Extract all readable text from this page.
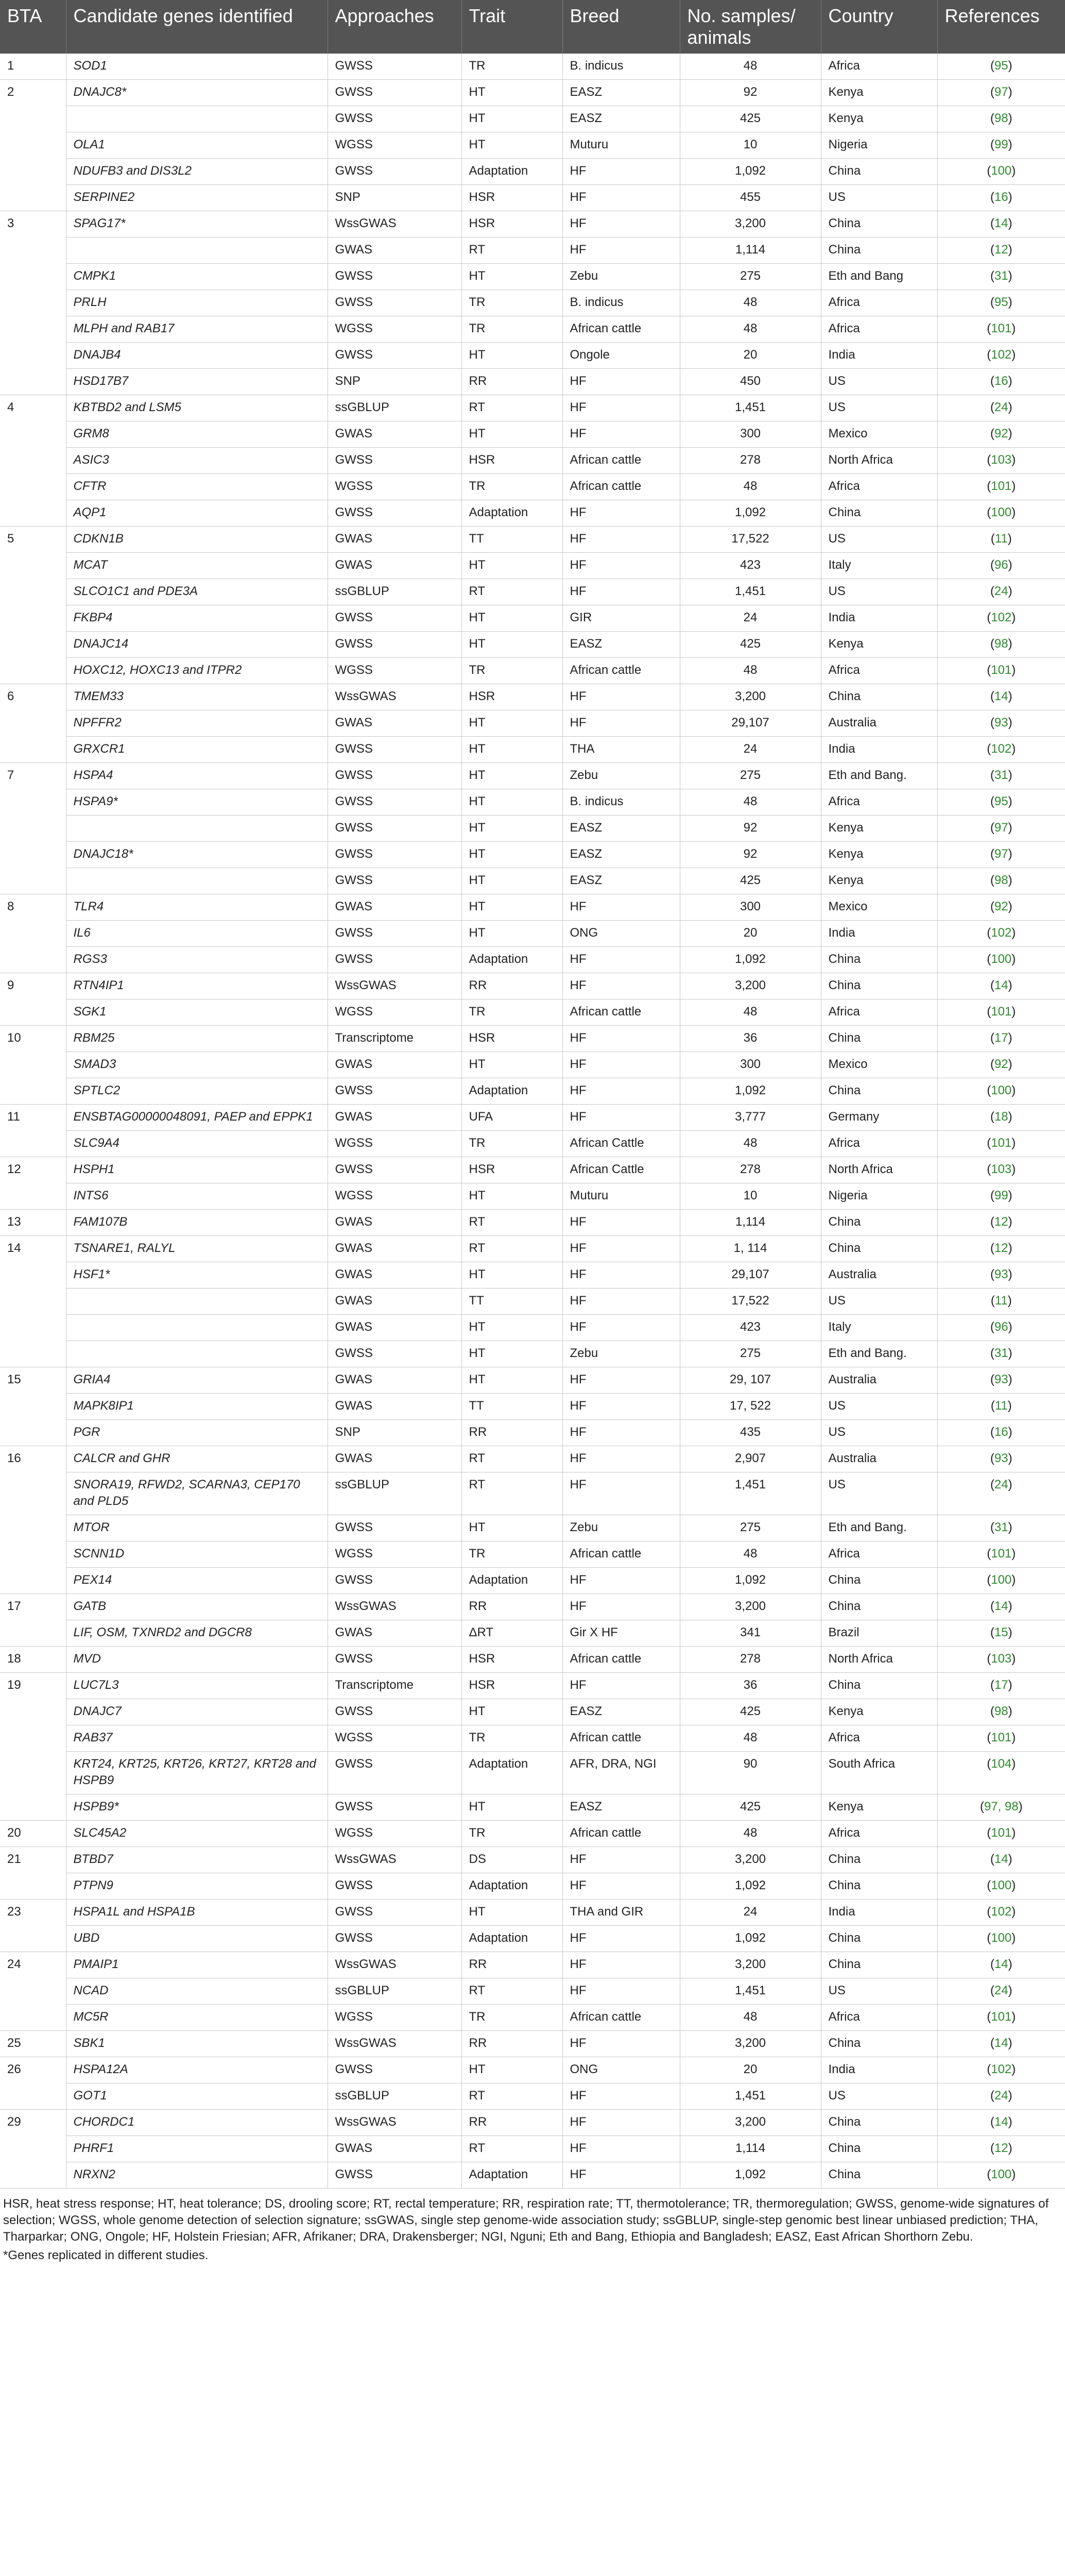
BTA	Candidate genes identified	Approaches	Trait	Breed	No. samples/ animals	Country	References
1	SOD1	GWSS	TR	B. indicus	48	Africa	(95)
2	DNAJC8*	GWSS	HT	EASZ	92	Kenya	(97)
		GWSS	HT	EASZ	425	Kenya	(98)
	OLA1	WGSS	HT	Muturu	10	Nigeria	(99)
	NDUFB3 and DIS3L2	GWSS	Adaptation	HF	1,092	China	(100)
	SERPINE2	SNP	HSR	HF	455	US	(16)
3	SPAG17*	WssGWAS	HSR	HF	3,200	China	(14)
		GWAS	RT	HF	1,114	China	(12)
	CMPK1	GWSS	HT	Zebu	275	Eth and Bang	(31)
	PRLH	GWSS	TR	B. indicus	48	Africa	(95)
	MLPH and RAB17	WGSS	TR	African cattle	48	Africa	(101)
	DNAJB4	GWSS	HT	Ongole	20	India	(102)
	HSD17B7	SNP	RR	HF	450	US	(16)
4	KBTBD2 and LSM5	ssGBLUP	RT	HF	1,451	US	(24)
	GRM8	GWAS	HT	HF	300	Mexico	(92)
	ASIC3	GWSS	HSR	African cattle	278	North Africa	(103)
	CFTR	WGSS	TR	African cattle	48	Africa	(101)
	AQP1	GWSS	Adaptation	HF	1,092	China	(100)
5	CDKN1B	GWAS	TT	HF	17,522	US	(11)
	MCAT	GWAS	HT	HF	423	Italy	(96)
	SLCO1C1 and PDE3A	ssGBLUP	RT	HF	1,451	US	(24)
	FKBP4	GWSS	HT	GIR	24	India	(102)
	DNAJC14	GWSS	HT	EASZ	425	Kenya	(98)
	HOXC12, HOXC13 and ITPR2	WGSS	TR	African cattle	48	Africa	(101)
6	TMEM33	WssGWAS	HSR	HF	3,200	China	(14)
	NPFFR2	GWAS	HT	HF	29,107	Australia	(93)
	GRXCR1	GWSS	HT	THA	24	India	(102)
7	HSPA4	GWSS	HT	Zebu	275	Eth and Bang.	(31)
	HSPA9*	GWSS	HT	B. indicus	48	Africa	(95)
		GWSS	HT	EASZ	92	Kenya	(97)
	DNAJC18*	GWSS	HT	EASZ	92	Kenya	(97)
		GWSS	HT	EASZ	425	Kenya	(98)
8	TLR4	GWAS	HT	HF	300	Mexico	(92)
	IL6	GWSS	HT	ONG	20	India	(102)
	RGS3	GWSS	Adaptation	HF	1,092	China	(100)
9	RTN4IP1	WssGWAS	RR	HF	3,200	China	(14)
	SGK1	WGSS	TR	African cattle	48	Africa	(101)
10	RBM25	Transcriptome	HSR	HF	36	China	(17)
	SMAD3	GWAS	HT	HF	300	Mexico	(92)
	SPTLC2	GWSS	Adaptation	HF	1,092	China	(100)
11	ENSBTAG00000048091, PAEP and EPPK1	GWAS	UFA	HF	3,777	Germany	(18)
	SLC9A4	WGSS	TR	African Cattle	48	Africa	(101)
12	HSPH1	GWSS	HSR	African Cattle	278	North Africa	(103)
	INTS6	WGSS	HT	Muturu	10	Nigeria	(99)
13	FAM107B	GWAS	RT	HF	1,114	China	(12)
14	TSNARE1, RALYL	GWAS	RT	HF	1, 114	China	(12)
	HSF1*	GWAS	HT	HF	29,107	Australia	(93)
		GWAS	TT	HF	17,522	US	(11)
		GWAS	HT	HF	423	Italy	(96)
		GWSS	HT	Zebu	275	Eth and Bang.	(31)
15	GRIA4	GWAS	HT	HF	29, 107	Australia	(93)
	MAPK8IP1	GWAS	TT	HF	17, 522	US	(11)
	PGR	SNP	RR	HF	435	US	(16)
16	CALCR and GHR	GWAS	RT	HF	2,907	Australia	(93)
	SNORA19, RFWD2, SCARNA3, CEP170 and PLD5	ssGBLUP	RT	HF	1,451	US	(24)
	MTOR	GWSS	HT	Zebu	275	Eth and Bang.	(31)
	SCNN1D	WGSS	TR	African cattle	48	Africa	(101)
	PEX14	GWSS	Adaptation	HF	1,092	China	(100)
17	GATB	WssGWAS	RR	HF	3,200	China	(14)
	LIF, OSM, TXNRD2 and DGCR8	GWAS	ΔRT	Gir X HF	341	Brazil	(15)
18	MVD	GWSS	HSR	African cattle	278	North Africa	(103)
19	LUC7L3	Transcriptome	HSR	HF	36	China	(17)
	DNAJC7	GWSS	HT	EASZ	425	Kenya	(98)
	RAB37	WGSS	TR	African cattle	48	Africa	(101)
	KRT24, KRT25, KRT26, KRT27, KRT28 and HSPB9	GWSS	Adaptation	AFR, DRA, NGI	90	South Africa	(104)
	HSPB9*	GWSS	HT	EASZ	425	Kenya	(97, 98)
20	SLC45A2	WGSS	TR	African cattle	48	Africa	(101)
21	BTBD7	WssGWAS	DS	HF	3,200	China	(14)
	PTPN9	GWSS	Adaptation	HF	1,092	China	(100)
23	HSPA1L and HSPA1B	GWSS	HT	THA and GIR	24	India	(102)
	UBD	GWSS	Adaptation	HF	1,092	China	(100)
24	PMAIP1	WssGWAS	RR	HF	3,200	China	(14)
	NCAD	ssGBLUP	RT	HF	1,451	US	(24)
	MC5R	WGSS	TR	African cattle	48	Africa	(101)
25	SBK1	WssGWAS	RR	HF	3,200	China	(14)
26	HSPA12A	GWSS	HT	ONG	20	India	(102)
	GOT1	ssGBLUP	RT	HF	1,451	US	(24)
29	CHORDC1	WssGWAS	RR	HF	3,200	China	(14)
	PHRF1	GWAS	RT	HF	1,114	China	(12)
	NRXN2	GWSS	Adaptation	HF	1,092	China	(100)

HSR, heat stress response; HT, heat tolerance; DS, drooling score; RT, rectal temperature; RR, respiration rate; TT, thermotolerance; TR, thermoregulation; GWSS, genome-wide signatures of selection; WGSS, whole genome detection of selection signature; ssGWAS, single step genome-wide association study; ssGBLUP, single-step genomic best linear unbiased prediction; THA, Tharparkar; ONG, Ongole; HF, Holstein Friesian; AFR, Afrikaner; DRA, Drakensberger; NGI, Nguni; Eth and Bang, Ethiopia and Bangladesh; EASZ, East African Shorthorn Zebu.

*Genes replicated in different studies.
